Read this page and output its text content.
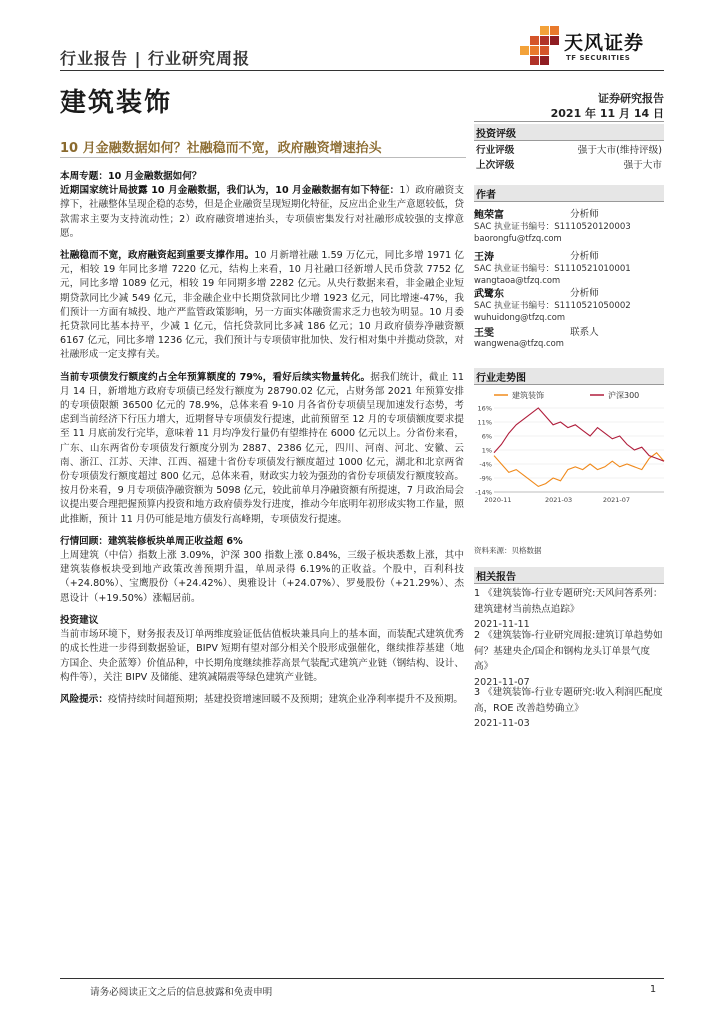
行业报告 | 行业研究周报
天风证券
TF SECURITIES
建筑装饰	证券研究报告
2021 年 11 月 14 日
10 月金融数据如何？社融稳而不宽，政府融资增速抬头

本周专题：10 月金融数据如何？
近期国家统计局披露 10 月金融数据，我们认为，10 月金融数据有如下特征：1）政府融资支撑下，社融整体呈现企稳的态势，但是企业融资呈现短期化特征，反应出企业生产意愿较低，贷款需求主要为支持流动性；2）政府融资增速抬头，专项债密集发行对社融形成较强的支撑意愿。

社融稳而不宽，政府融资起到重要支撑作用。10 月新增社融 1.59 万亿元，同比多增 1971 亿元，相较 19 年同比多增 7220 亿元，结构上来看，10 月社融口径新增人民币贷款 7752 亿元，同比多增 1089 亿元，相较 19 年同期多增 2282 亿元。从央行数据来看，非金融企业短期贷款同比少减 549 亿元，非金融企业中长期贷款同比少增 1923 亿元，同比增速-47%，我们预计一方面有城投、地产严监管政策影响，另一方面实体融资需求乏力也较为明显。10 月委托贷款同比基本持平，少减 1 亿元，信托贷款同比多减 186 亿元；10 月政府债券净融资额 6167 亿元，同比多增 1236 亿元，我们预计与专项债审批加快、发行相对集中并揽动贷款，对社融形成一定支撑有关。

当前专项债发行额度约占全年预算额度的 79%，看好后续实物量转化。据我们统计，截止 11 月 14 日，新增地方政府专项债已经发行额度为 28790.02 亿元，占财务部 2021 年预算安排的专项债限额 36500 亿元的 78.9%，总体来看 9-10 月各省份专项债呈现加速发行态势，考虑到当前经济下行压力增大，近期督导专项债发行提速，此前预留至 12 月的专项债额度要求提至 11 月底前发行完毕，意味着 11 月均净发行量仍有望维持在 6000 亿元以上。分省份来看，广东、山东两省份专项债发行额度分别为 2887、2386 亿元，四川、河南、河北、安徽、云南、浙江、江苏、天津、江西、福建十省份专项债发行额度超过 1000 亿元，湖北和北京两省份专项债发行额度超过 800 亿元，总体来看，财政实力较为强劲的省份专项债发行额度较高。按月份来看，9 月专项债净融资额为 5098 亿元，较此前单月净融资额有所提速，7 月政治局会议提出要合理把握预算内投资和地方政府债券发行进度，推动今年底明年初形成实物工作量，照此推断，预计 11 月仍可能是地方债发行高峰期，专项债发行提速。

行情回顾：建筑装修板块单周正收益超 6%
上周建筑（中信）指数上涨 3.09%，沪深 300 指数上涨 0.84%，三级子板块悉数上涨，其中建筑装修板块受到地产政策改善预期升温，单周录得 6.19%的正收益。个股中，百利科技（+24.80%）、宝鹰股份（+24.42%）、奥雅设计（+24.07%）、罗曼股份（+21.29%）、杰恩设计（+19.50%）涨幅居前。

投资建议
当前市场环境下，财务报表及订单两维度验证低估值板块兼具向上的基本面，而装配式建筑优秀的成长性进一步得到数据验证，BIPV 短期有望对部分相关个股形成强催化，继续推荐基建（地方国企、央企蓝筹）价值品种，中长期角度继续推荐高景气装配式建筑产业链（钢结构、设计、构件等），关注 BIPV 及储能、建筑减隔震等绿色建筑产业链。

风险提示：疫情持续时间超预期；基建投资增速回暖不及预期；建筑企业净利率提升不及预期。

投资评级
行业评级	强于大市(维持评级)
上次评级	强于大市
作者
鲍荣富	分析师
SAC 执业证书编号：S1110520120003
baorongfu@tfzq.com
王涛	分析师
SAC 执业证书编号：S1110521010001
wangtaoa@tfzq.com
武鹭东	分析师
SAC 执业证书编号：S1110521050002
wuhuidong@tfzq.com
王雯	联系人
wangwena@tfzq.com
行业走势图
建筑装饰	沪深300
16%
11%
6%
1%
-4%
-9%
-14%
2020-11	2021-03	2021-07
资料来源：贝格数据
相关报告
1 《建筑装饰-行业专题研究:天风问答系列：建筑建材当前热点追踪》
2021-11-11
2 《建筑装饰-行业研究周报:建筑订单趋势如何？基建央企/国企和钢构龙头订单景气度高》
2021-11-07
3 《建筑装饰-行业专题研究:收入利润匹配度高，ROE 改善趋势确立》
2021-11-03
请务必阅读正文之后的信息披露和免责申明	1
